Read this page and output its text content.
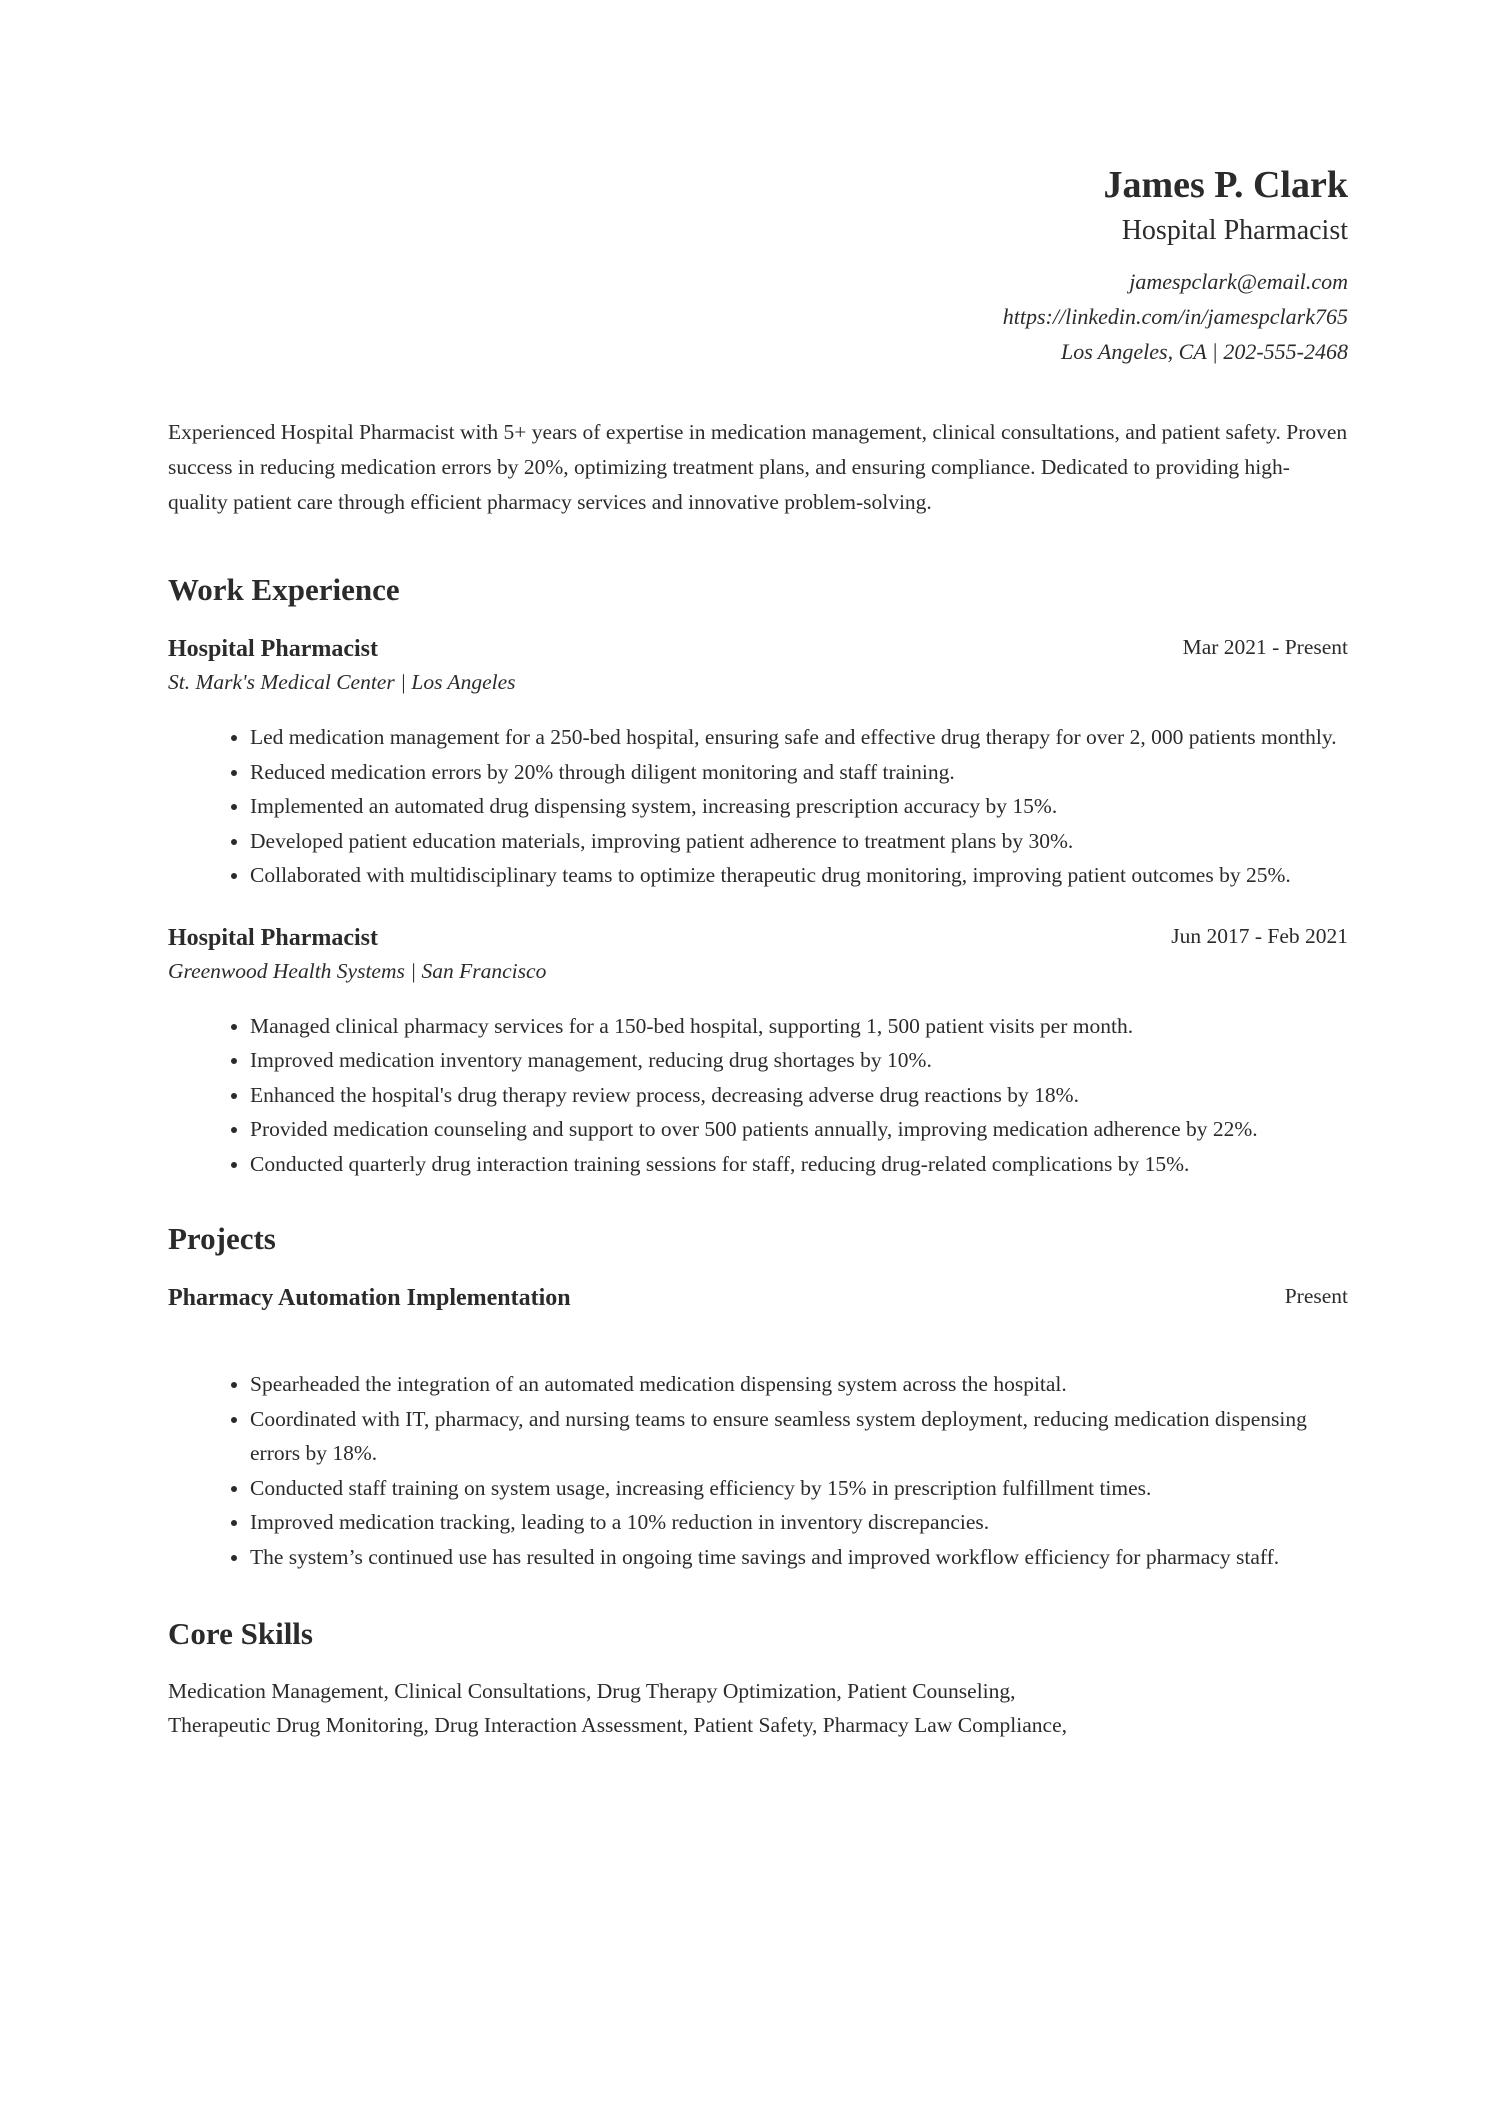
James P. Clark
Hospital Pharmacist
jamespclark@email.com
https://linkedin.com/in/jamespclark765
Los Angeles, CA | 202-555-2468
Experienced Hospital Pharmacist with 5+ years of expertise in medication management, clinical consultations, and patient safety. Proven success in reducing medication errors by 20%, optimizing treatment plans, and ensuring compliance. Dedicated to providing high-quality patient care through efficient pharmacy services and innovative problem-solving.
Work Experience
Hospital Pharmacist	Mar 2021 - Present
St. Mark's Medical Center | Los Angeles
• Led medication management for a 250-bed hospital, ensuring safe and effective drug therapy for over 2, 000 patients monthly.
• Reduced medication errors by 20% through diligent monitoring and staff training.
• Implemented an automated drug dispensing system, increasing prescription accuracy by 15%.
• Developed patient education materials, improving patient adherence to treatment plans by 30%.
• Collaborated with multidisciplinary teams to optimize therapeutic drug monitoring, improving patient outcomes by 25%.
Hospital Pharmacist	Jun 2017 - Feb 2021
Greenwood Health Systems | San Francisco
• Managed clinical pharmacy services for a 150-bed hospital, supporting 1, 500 patient visits per month.
• Improved medication inventory management, reducing drug shortages by 10%.
• Enhanced the hospital's drug therapy review process, decreasing adverse drug reactions by 18%.
• Provided medication counseling and support to over 500 patients annually, improving medication adherence by 22%.
• Conducted quarterly drug interaction training sessions for staff, reducing drug-related complications by 15%.
Projects
Pharmacy Automation Implementation	Present
• Spearheaded the integration of an automated medication dispensing system across the hospital.
• Coordinated with IT, pharmacy, and nursing teams to ensure seamless system deployment, reducing medication dispensing errors by 18%.
• Conducted staff training on system usage, increasing efficiency by 15% in prescription fulfillment times.
• Improved medication tracking, leading to a 10% reduction in inventory discrepancies.
• The system’s continued use has resulted in ongoing time savings and improved workflow efficiency for pharmacy staff.
Core Skills
Medication Management, Clinical Consultations, Drug Therapy Optimization, Patient Counseling,
Therapeutic Drug Monitoring, Drug Interaction Assessment, Patient Safety, Pharmacy Law Compliance,
